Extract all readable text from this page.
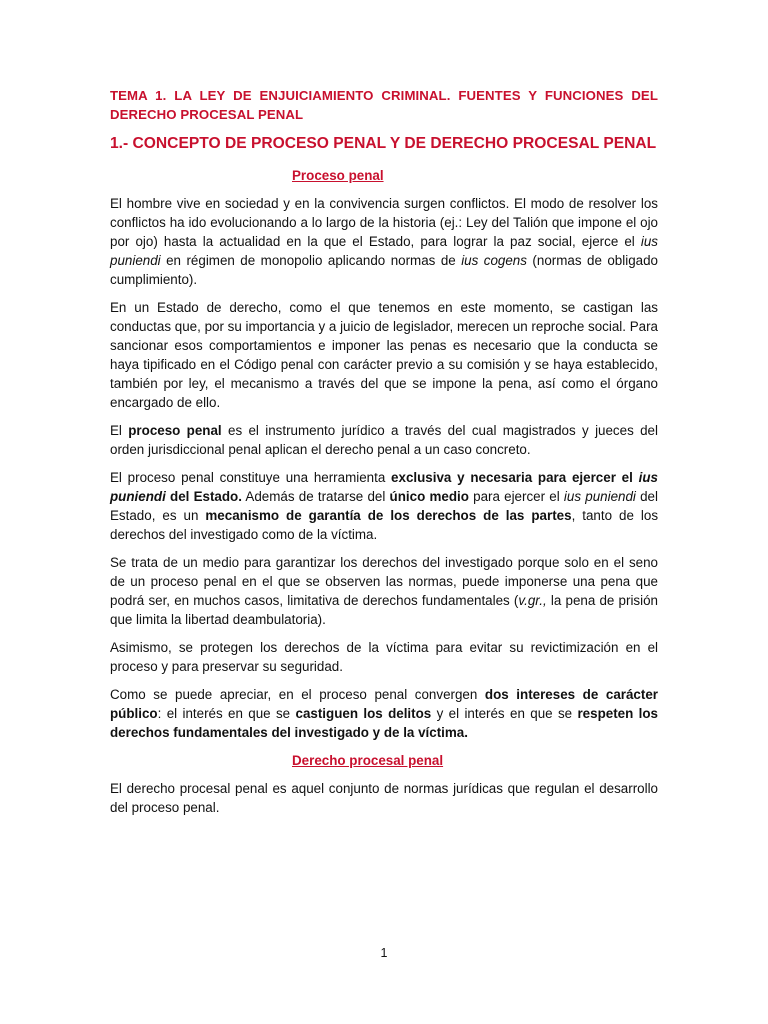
TEMA 1. LA LEY DE ENJUICIAMIENTO CRIMINAL. FUENTES Y FUNCIONES DEL DERECHO PROCESAL PENAL
1.- CONCEPTO DE PROCESO PENAL Y DE DERECHO PROCESAL PENAL
Proceso penal

El hombre vive en sociedad y en la convivencia surgen conflictos. El modo de resolver los conflictos ha ido evolucionando a lo largo de la historia (ej.: Ley del Talión que impone el ojo por ojo) hasta la actualidad en la que el Estado, para lograr la paz social, ejerce el ius puniendi en régimen de monopolio aplicando normas de ius cogens (normas de obligado cumplimiento).

En un Estado de derecho, como el que tenemos en este momento, se castigan las conductas que, por su importancia y a juicio de legislador, merecen un reproche social. Para sancionar esos comportamientos e imponer las penas es necesario que la conducta se haya tipificado en el Código penal con carácter previo a su comisión y se haya establecido, también por ley, el mecanismo a través del que se impone la pena, así como el órgano encargado de ello.

El proceso penal es el instrumento jurídico a través del cual magistrados y jueces del orden jurisdiccional penal aplican el derecho penal a un caso concreto.

El proceso penal constituye una herramienta exclusiva y necesaria para ejercer el ius puniendi del Estado. Además de tratarse del único medio para ejercer el ius puniendi del Estado, es un mecanismo de garantía de los derechos de las partes, tanto de los derechos del investigado como de la víctima.

Se trata de un medio para garantizar los derechos del investigado porque solo en el seno de un proceso penal en el que se observen las normas, puede imponerse una pena que podrá ser, en muchos casos, limitativa de derechos fundamentales (v.gr., la pena de prisión que limita la libertad deambulatoria).

Asimismo, se protegen los derechos de la víctima para evitar su revictimización en el proceso y para preservar su seguridad.

Como se puede apreciar, en el proceso penal convergen dos intereses de carácter público: el interés en que se castiguen los delitos y el interés en que se respeten los derechos fundamentales del investigado y de la víctima.

Derecho procesal penal

El derecho procesal penal es aquel conjunto de normas jurídicas que regulan el desarrollo del proceso penal.

1
